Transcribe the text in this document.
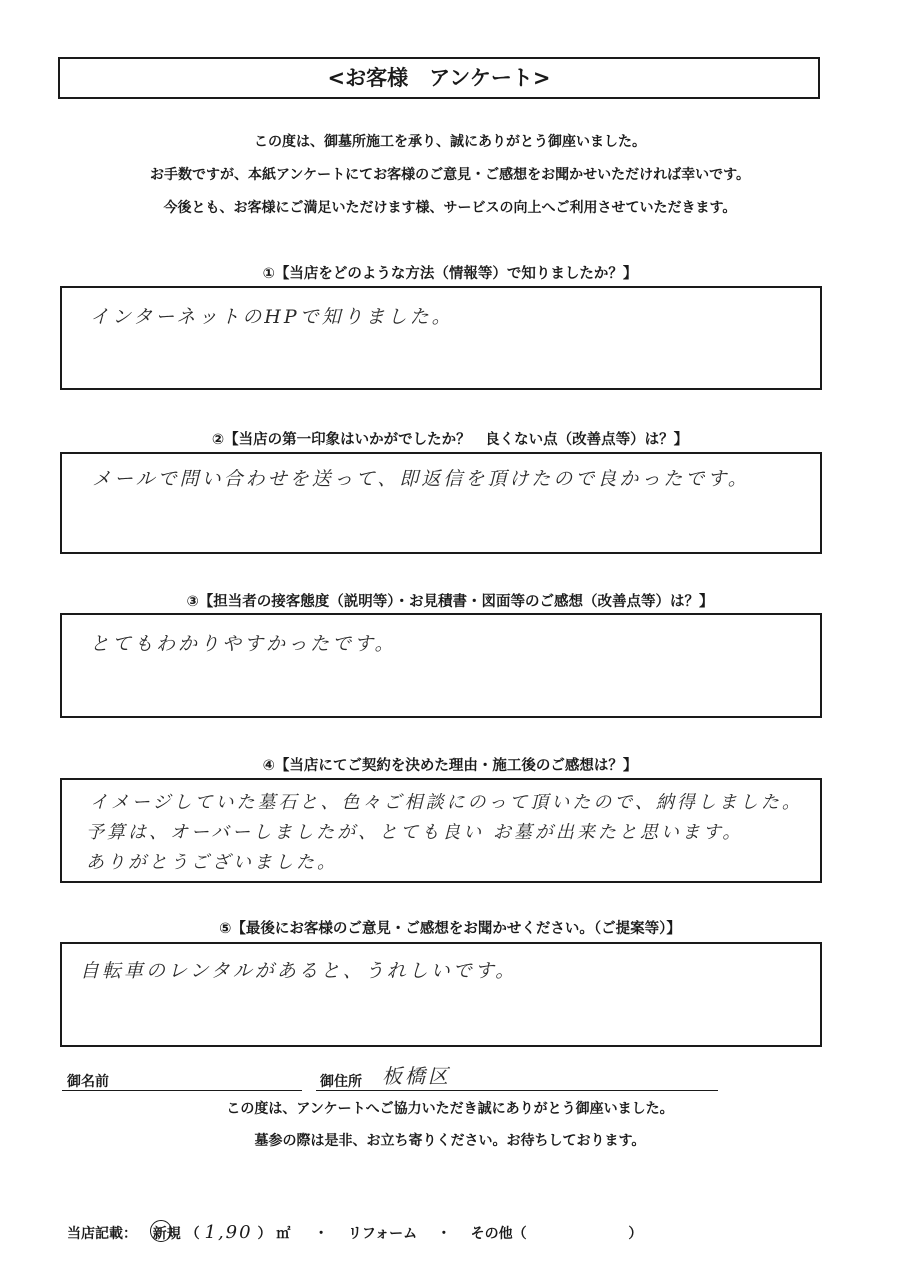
<お客様　アンケート>
この度は、御墓所施工を承り、誠にありがとう御座いました。
お手数ですが、本紙アンケートにてお客様のご意見・ご感想をお聞かせいただければ幸いです。
今後とも、お客様にご満足いただけます様、サービスの向上へご利用させていただきます。
①【当店をどのような方法（情報等）で知りましたか？】
インターネットのHPで知りました。
②【当店の第一印象はいかがでしたか？　良くない点（改善点等）は？】
メールで問い合わせを送って、即返信を頂けたので良かったです。
③【担当者の接客態度（説明等）・お見積書・図面等のご感想（改善点等）は？】
とてもわかりやすかったです。
④【当店にてご契約を決めた理由・施工後のご感想は？】
イメージしていた墓石と、色々ご相談にのって頂いたので、納得しました。
予算は、オーバーしましたが、とても良い お墓が出来たと思います。
ありがとうございました。
⑤【最後にお客様のご意見・ご感想をお聞かせください。（ご提案等）】
自転車のレンタルがあると、うれしいです。
御名前	御住所 板橋区
この度は、アンケートへご協力いただき誠にありがとう御座いました。
墓参の際は是非、お立ち寄りください。お待ちしております。
当店記載： 新規 （ 1,90 ） ㎡ ・ リフォーム ・ その他（	）
